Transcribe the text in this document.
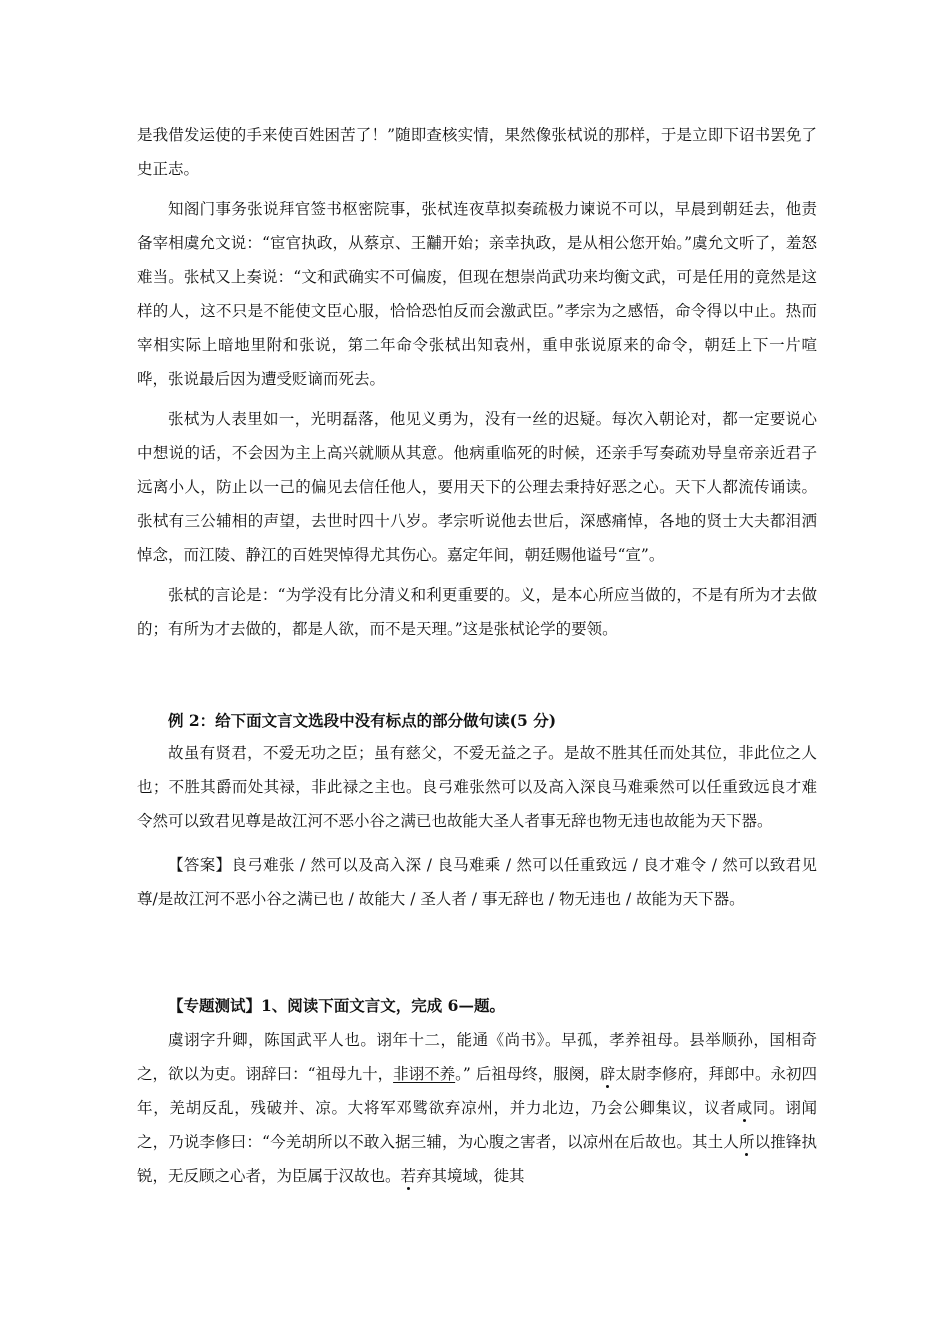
是我借发运使的手来使百姓困苦了！”随即查核实情，果然像张栻说的那样，于是立即下诏书罢免了史正志。

知阁门事务张说拜官签书枢密院事，张栻连夜草拟奏疏极力谏说不可以，早晨到朝廷去，他责备宰相虞允文说：“宦官执政，从蔡京、王黼开始；亲幸执政，是从相公您开始。”虞允文听了，羞怒难当。张栻又上奏说：“文和武确实不可偏废，但现在想崇尚武功来均衡文武，可是任用的竟然是这样的人，这不只是不能使文臣心服，恰恰恐怕反而会激武臣。”孝宗为之感悟，命令得以中止。热而宰相实际上暗地里附和张说，第二年命令张栻出知袁州，重申张说原来的命令，朝廷上下一片喧哗，张说最后因为遭受贬谪而死去。

张栻为人表里如一，光明磊落，他见义勇为，没有一丝的迟疑。每次入朝论对，都一定要说心中想说的话，不会因为主上高兴就顺从其意。他病重临死的时候，还亲手写奏疏劝导皇帝亲近君子远离小人，防止以一己的偏见去信任他人，要用天下的公理去秉持好恶之心。天下人都流传诵读。张栻有三公辅相的声望，去世时四十八岁。孝宗听说他去世后，深感痛悼，各地的贤士大夫都泪洒悼念，而江陵、静江的百姓哭悼得尤其伤心。嘉定年间，朝廷赐他谥号“宣”。

张栻的言论是：“为学没有比分清义和利更重要的。义，是本心所应当做的，不是有所为才去做的；有所为才去做的，都是人欲，而不是天理。”这是张栻论学的要领。

例 2：给下面文言文选段中没有标点的部分做句读(5 分)

故虽有贤君，不爱无功之臣；虽有慈父，不爱无益之子。是故不胜其任而处其位，非此位之人也；不胜其爵而处其禄，非此禄之主也。良弓难张然可以及高入深良马难乘然可以任重致远良才难令然可以致君见尊是故江河不恶小谷之满已也故能大圣人者事无辞也物无违也故能为天下器。

【答案】良弓难张 / 然可以及高入深 / 良马难乘 / 然可以任重致远 / 良才难令 / 然可以致君见尊/是故江河不恶小谷之满已也 / 故能大 / 圣人者 / 事无辞也 / 物无违也 / 故能为天下器。

【专题测试】1、阅读下面文言文，完成 6—题。

虞诩字升卿，陈国武平人也。诩年十二，能通《尚书》。早孤，孝养祖母。县举顺孙，国相奇之，欲以为吏。诩辞曰：“祖母九十，非诩不养。” 后祖母终，服阕，辟太尉李修府，拜郎中。永初四年，羌胡反乱，残破并、凉。大将军邓骘欲弃凉州，并力北边，乃会公卿集议，议者咸同。诩闻之，乃说李修曰：“今羌胡所以不敢入据三辅，为心腹之害者，以凉州在后故也。其土人所以推锋执锐，无反顾之心者，为臣属于汉故也。若弃其境域，徙其
